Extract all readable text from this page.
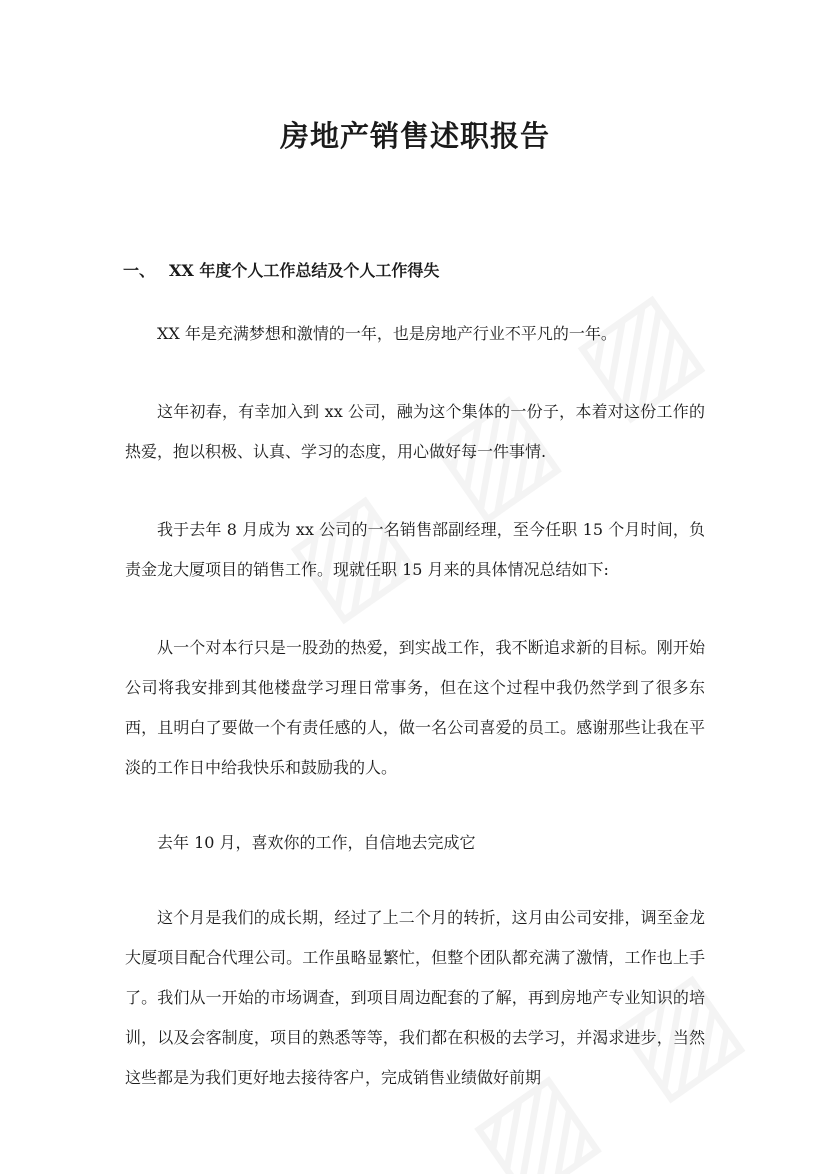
房地产销售述职报告
一、 XX 年度个人工作总结及个人工作得失

XX 年是充满梦想和激情的一年，也是房地产行业不平凡的一年。

这年初春，有幸加入到 xx 公司，融为这个集体的一份子，本着对这份工作的热爱，抱以积极、认真、学习的态度，用心做好每一件事情.

我于去年 8 月成为 xx 公司的一名销售部副经理，至今任职 15 个月时间，负责金龙大厦项目的销售工作。现就任职 15 月来的具体情况总结如下:

从一个对本行只是一股劲的热爱，到实战工作，我不断追求新的目标。刚开始公司将我安排到其他楼盘学习理日常事务，但在这个过程中我仍然学到了很多东西，且明白了要做一个有责任感的人，做一名公司喜爱的员工。感谢那些让我在平淡的工作日中给我快乐和鼓励我的人。

去年 10 月，喜欢你的工作，自信地去完成它

这个月是我们的成长期，经过了上二个月的转折，这月由公司安排，调至金龙大厦项目配合代理公司。工作虽略显繁忙，但整个团队都充满了激情，工作也上手了。我们从一开始的市场调查，到项目周边配套的了解，再到房地产专业知识的培训，以及会客制度，项目的熟悉等等，我们都在积极的去学习，并渴求进步，当然这些都是为我们更好地去接待客户，完成销售业绩做好前期
